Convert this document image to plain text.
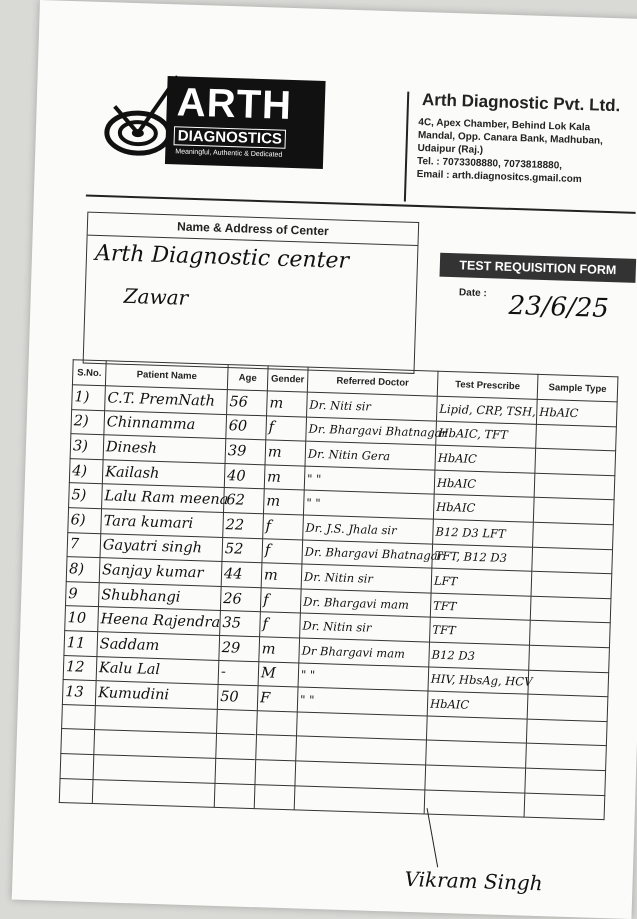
ARTH
DIAGNOSTICS
Meaningful, Authentic & Dedicated
Arth Diagnostic Pvt. Ltd.
4C, Apex Chamber, Behind Lok Kala
Mandal, Opp. Canara Bank, Madhuban,
Udaipur (Raj.)
Tel. : 7073308880, 7073818880,
Email : arth.diagnositcs.gmail.com
Name & Address of Center
Arth Diagnostic center
Zawar
TEST REQUISITION FORM
Date : 23/6/25
S.No.	Patient Name	Age	Gender	Referred Doctor	Test Prescribe	Sample Type
1)	C.T. PremNath	56	m	Dr. Niti sir	Lipid, CRP, TSH, HbAIC	
2)	Chinnamma	60	f	Dr. Bhargavi Bhatnagar	HbAIC, TFT	
3)	Dinesh	39	m	Dr. Nitin Gera	HbAIC	
4)	Kailash	40	m	" "	HbAIC	
5)	Lalu Ram meena	62	m	" "	HbAIC	
6)	Tara kumari	22	f	Dr. J.S. Jhala sir	B12 D3 LFT	
7	Gayatri singh	52	f	Dr. Bhargavi Bhatnagar	TFT, B12 D3	
8)	Sanjay kumar	44	m	Dr. Nitin sir	LFT	
9	Shubhangi	26	f	Dr. Bhargavi mam	TFT	
10	Heena Rajendra	35	f	Dr. Nitin sir	TFT	
11	Saddam	29	m	Dr Bhargavi mam	B12 D3	
12	Kalu Lal	-	M	" "	HIV, HbsAg, HCV	
13	Kumudini	50	F	" "	HbAIC	

Vikram Singh
